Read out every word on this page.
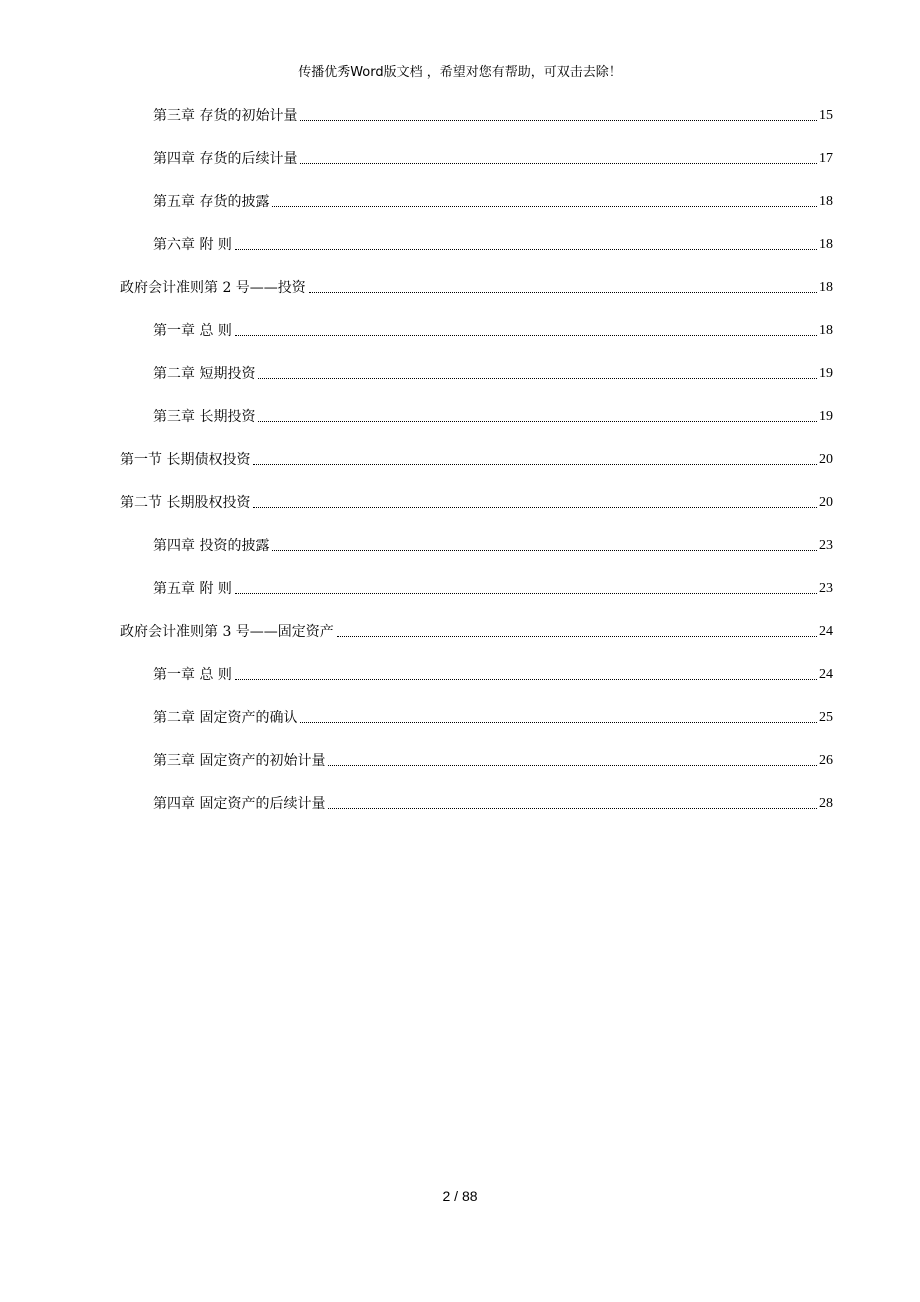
传播优秀Word版文档 ，希望对您有帮助，可双击去除！
第三章 存货的初始计量	15
第四章 存货的后续计量	17
第五章 存货的披露	18
第六章 附 则	18
政府会计准则第 2 号——投资	18
第一章 总 则	18
第二章 短期投资	19
第三章 长期投资	19
第一节 长期债权投资	20
第二节 长期股权投资	20
第四章 投资的披露	23
第五章 附 则	23
政府会计准则第 3 号——固定资产	24
第一章 总 则	24
第二章 固定资产的确认	25
第三章 固定资产的初始计量	26
第四章 固定资产的后续计量	28
2 / 88
